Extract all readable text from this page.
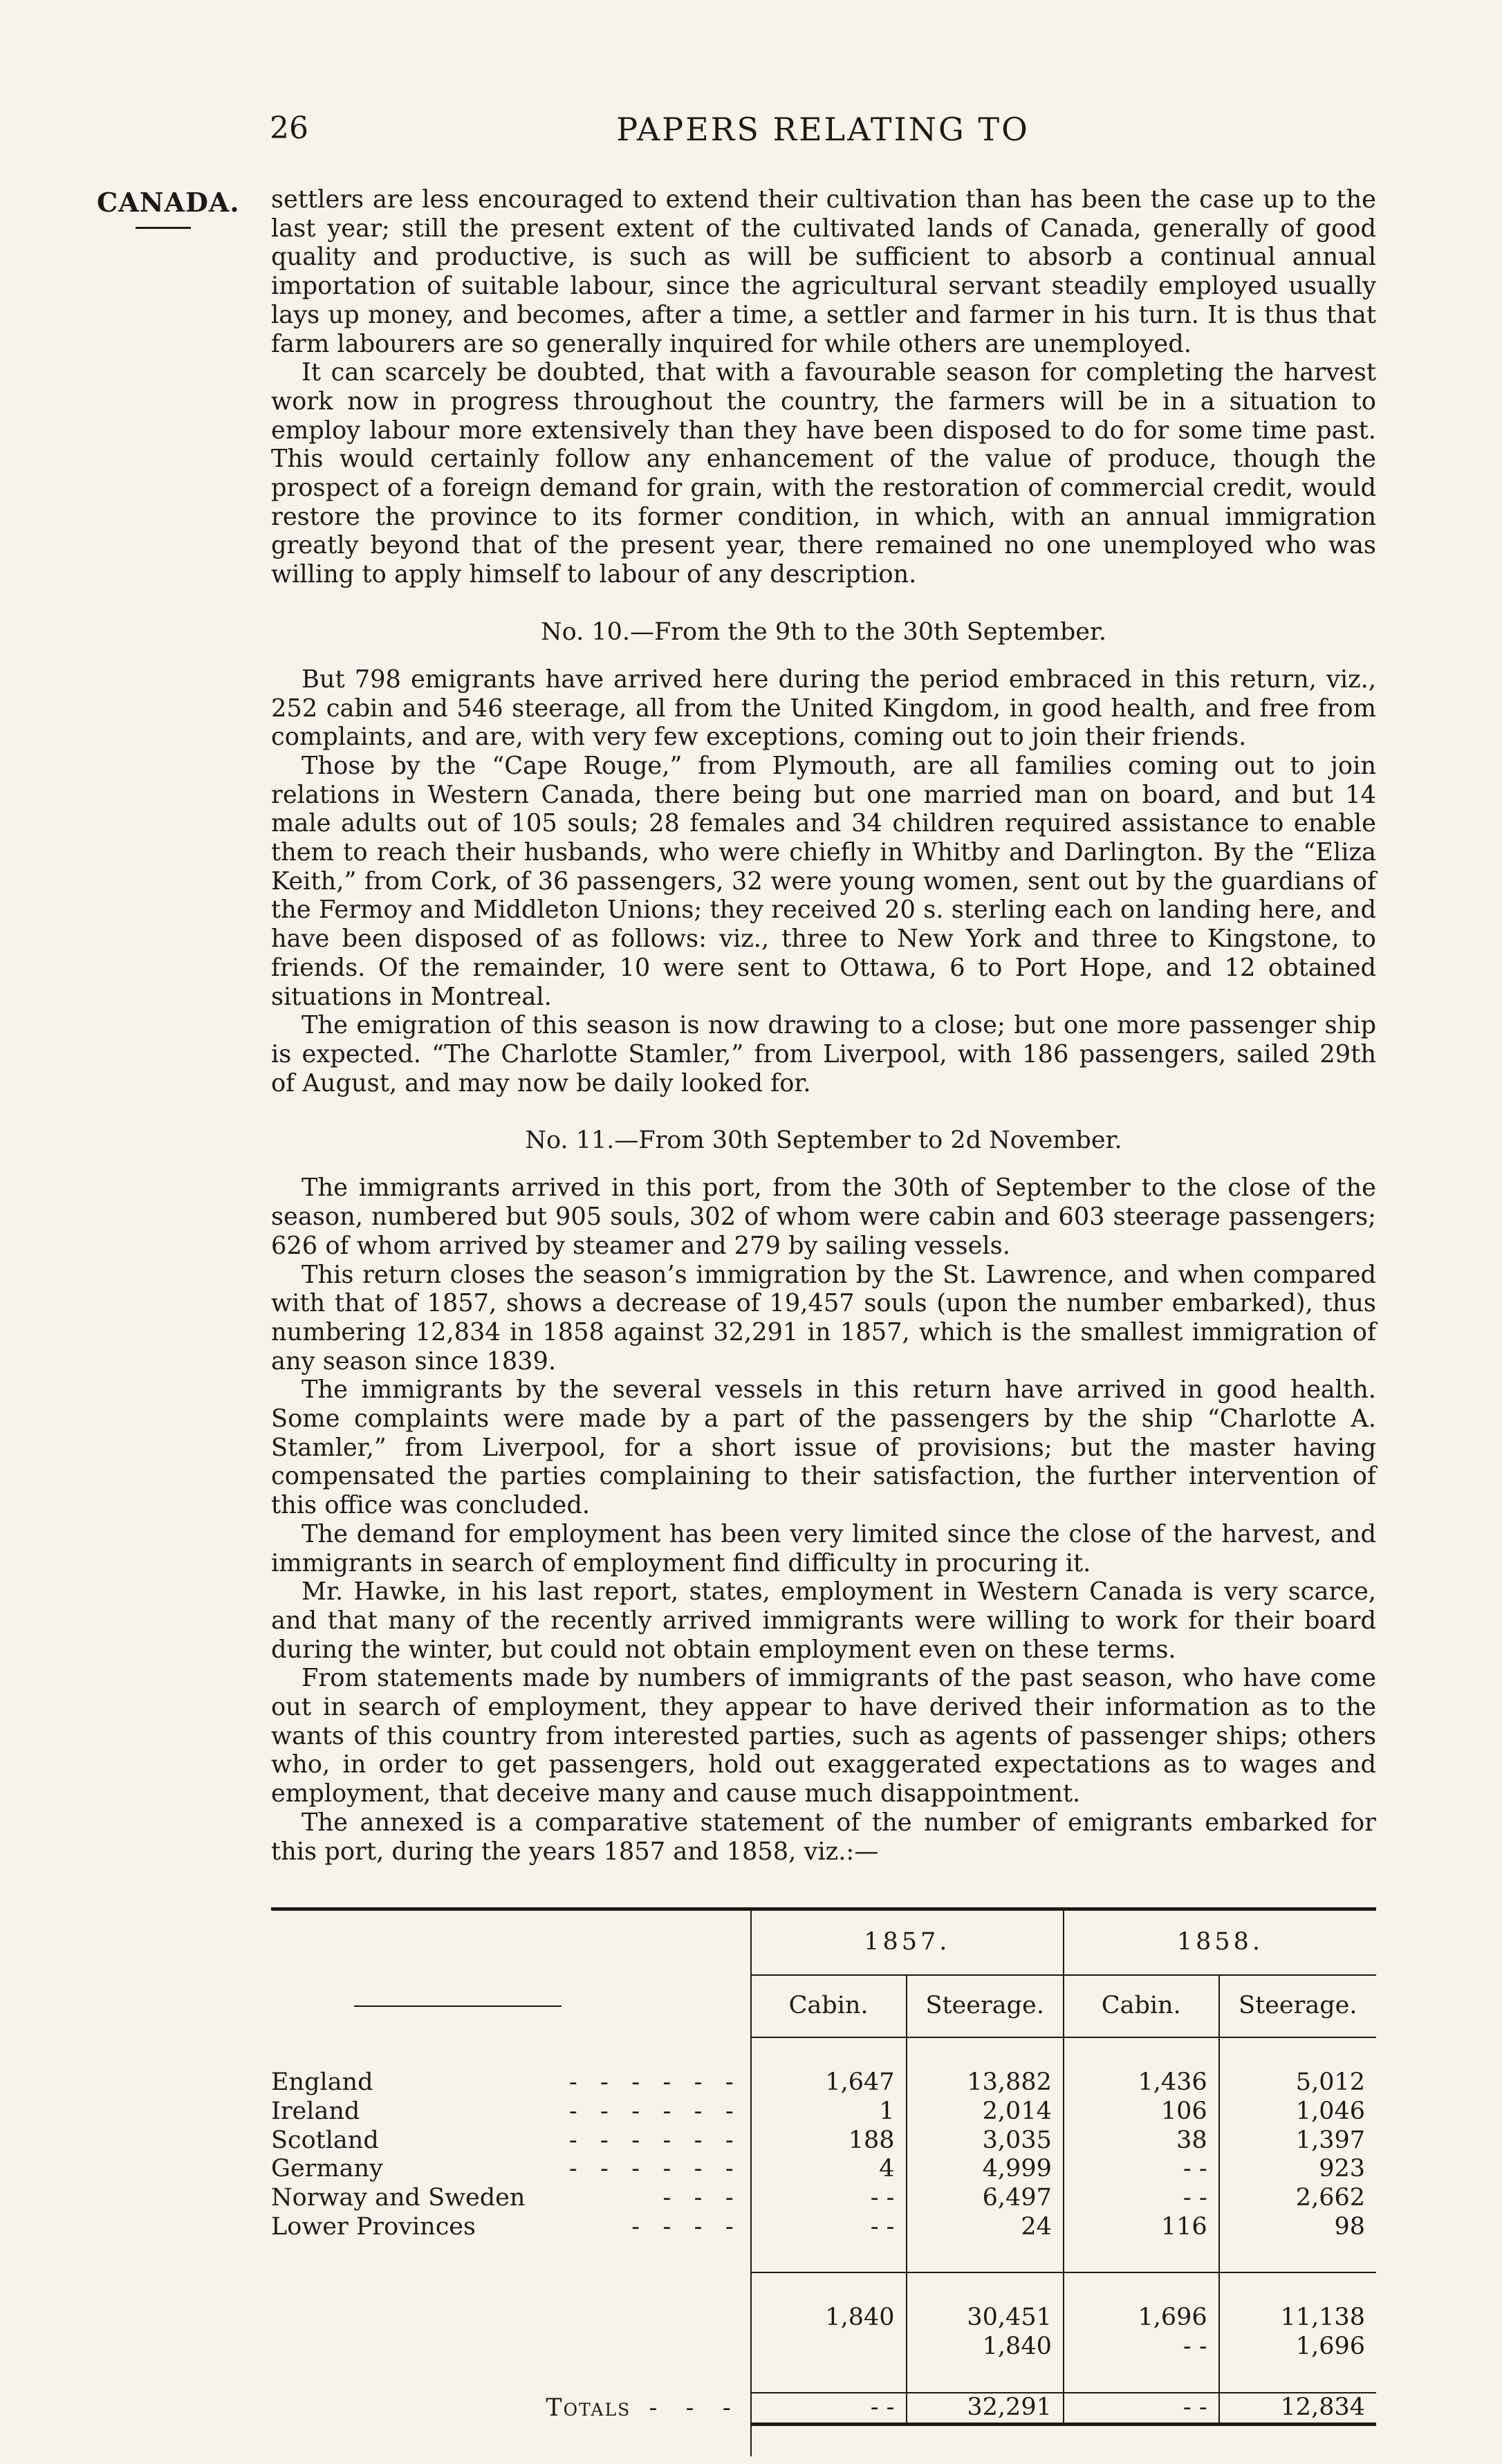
26	PAPERS RELATING TO
CANADA. settlers are less encouraged to extend their cultivation than has been the case up to the last year; still the present extent of the cultivated lands of Canada, generally of good quality and productive, is such as will be sufficient to absorb a continual annual importation of suitable labour, since the agricultural servant steadily employed usually lays up money, and becomes, after a time, a settler and farmer in his turn. It is thus that farm labourers are so generally inquired for while others are unemployed.

It can scarcely be doubted, that with a favourable season for completing the harvest work now in progress throughout the country, the farmers will be in a situation to employ labour more extensively than they have been disposed to do for some time past. This would certainly follow any enhancement of the value of produce, though the prospect of a foreign demand for grain, with the restoration of commercial credit, would restore the province to its former condition, in which, with an annual immigration greatly beyond that of the present year, there remained no one unemployed who was willing to apply himself to labour of any description.

No. 10.—From the 9th to the 30th September.

But 798 emigrants have arrived here during the period embraced in this return, viz., 252 cabin and 546 steerage, all from the United Kingdom, in good health, and free from complaints, and are, with very few exceptions, coming out to join their friends.

Those by the “Cape Rouge,” from Plymouth, are all families coming out to join relations in Western Canada, there being but one married man on board, and but 14 male adults out of 105 souls; 28 females and 34 children required assistance to enable them to reach their husbands, who were chiefly in Whitby and Darlington. By the “Eliza Keith,” from Cork, of 36 passengers, 32 were young women, sent out by the guardians of the Fermoy and Middleton Unions; they received 20 s. sterling each on landing here, and have been disposed of as follows: viz., three to New York and three to Kingstone, to friends. Of the remainder, 10 were sent to Ottawa, 6 to Port Hope, and 12 obtained situations in Montreal.

The emigration of this season is now drawing to a close; but one more passenger ship is expected. “The Charlotte Stamler,” from Liverpool, with 186 passengers, sailed 29th of August, and may now be daily looked for.

No. 11.—From 30th September to 2d November.

The immigrants arrived in this port, from the 30th of September to the close of the season, numbered but 905 souls, 302 of whom were cabin and 603 steerage passengers; 626 of whom arrived by steamer and 279 by sailing vessels.

This return closes the season’s immigration by the St. Lawrence, and when compared with that of 1857, shows a decrease of 19,457 souls (upon the number embarked), thus numbering 12,834 in 1858 against 32,291 in 1857, which is the smallest immigration of any season since 1839.

The immigrants by the several vessels in this return have arrived in good health. Some complaints were made by a part of the passengers by the ship “Charlotte A. Stamler,” from Liverpool, for a short issue of provisions; but the master having compensated the parties complaining to their satisfaction, the further intervention of this office was concluded.

The demand for employment has been very limited since the close of the harvest, and immigrants in search of employment find difficulty in procuring it.

Mr. Hawke, in his last report, states, employment in Western Canada is very scarce, and that many of the recently arrived immigrants were willing to work for their board during the winter, but could not obtain employment even on these terms.

From statements made by numbers of immigrants of the past season, who have come out in search of employment, they appear to have derived their information as to the wants of this country from interested parties, such as agents of passenger ships; others who, in order to get passengers, hold out exaggerated expectations as to wages and employment, that deceive many and cause much disappointment.

The annexed is a comparative statement of the number of emigrants embarked for this port, during the years 1857 and 1858, viz.:—

	1857.		1858.	

	Cabin.	Steerage.	Cabin.	Steerage.

England -   -   -   -   -   -	1,647	13,882	1,436	5,012
Ireland -   -   -   -   -   -	1	2,014	106	1,046
Scotland -   -   -   -   -   -	188	3,035	38	1,397
Germany -   -   -   -   -   -	4	4,999	- -	923
Norway and Sweden -   -   -	- -	6,497	- -	2,662
Lower Provinces -   -   -   -	- -	24	116	98

	1,840	30,451	1,696	11,138
		1,840	- -	1,696

Totals  -   -   -	- -	32,291	- -	12,834
